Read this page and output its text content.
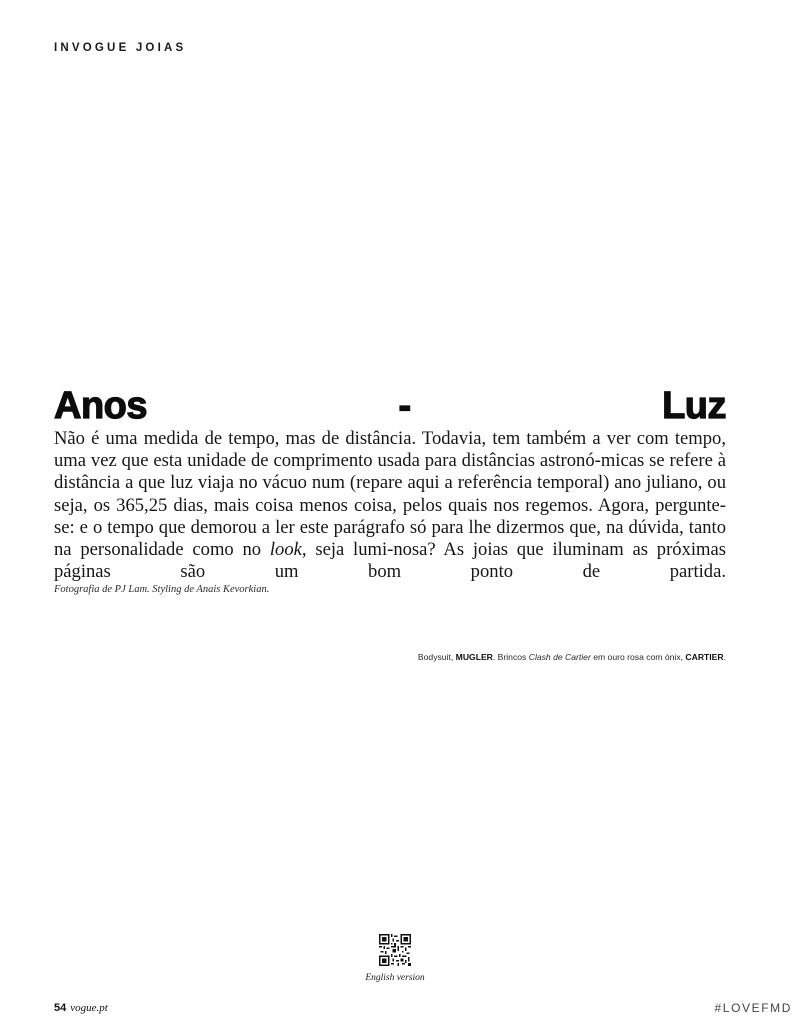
INVOGUE JOIAS
Anos	-	Luz

Não é uma medida de tempo, mas de distância. Todavia, tem também a ver com tempo, uma vez que esta unidade de comprimento usada para distâncias astronó-micas se refere à distância a que luz viaja no vácuo num (repare aqui a referência temporal) ano juliano, ou seja, os 365,25 dias, mais coisa menos coisa, pelos quais nos regemos. Agora, pergunte-se: e o tempo que demorou a ler este parágrafo só para lhe dizermos que, na dúvida, tanto na personalidade como no look, seja lumi-nosa? As joias que iluminam as próximas páginas são um bom ponto de partida.

Fotografia de PJ Lam. Styling de Anais Kevorkian.
Bodysuit, MUGLER. Brincos Clash de Cartier em ouro rosa com ónix, CARTIER.
English version
54 vogue.pt	#LOVEFMD
